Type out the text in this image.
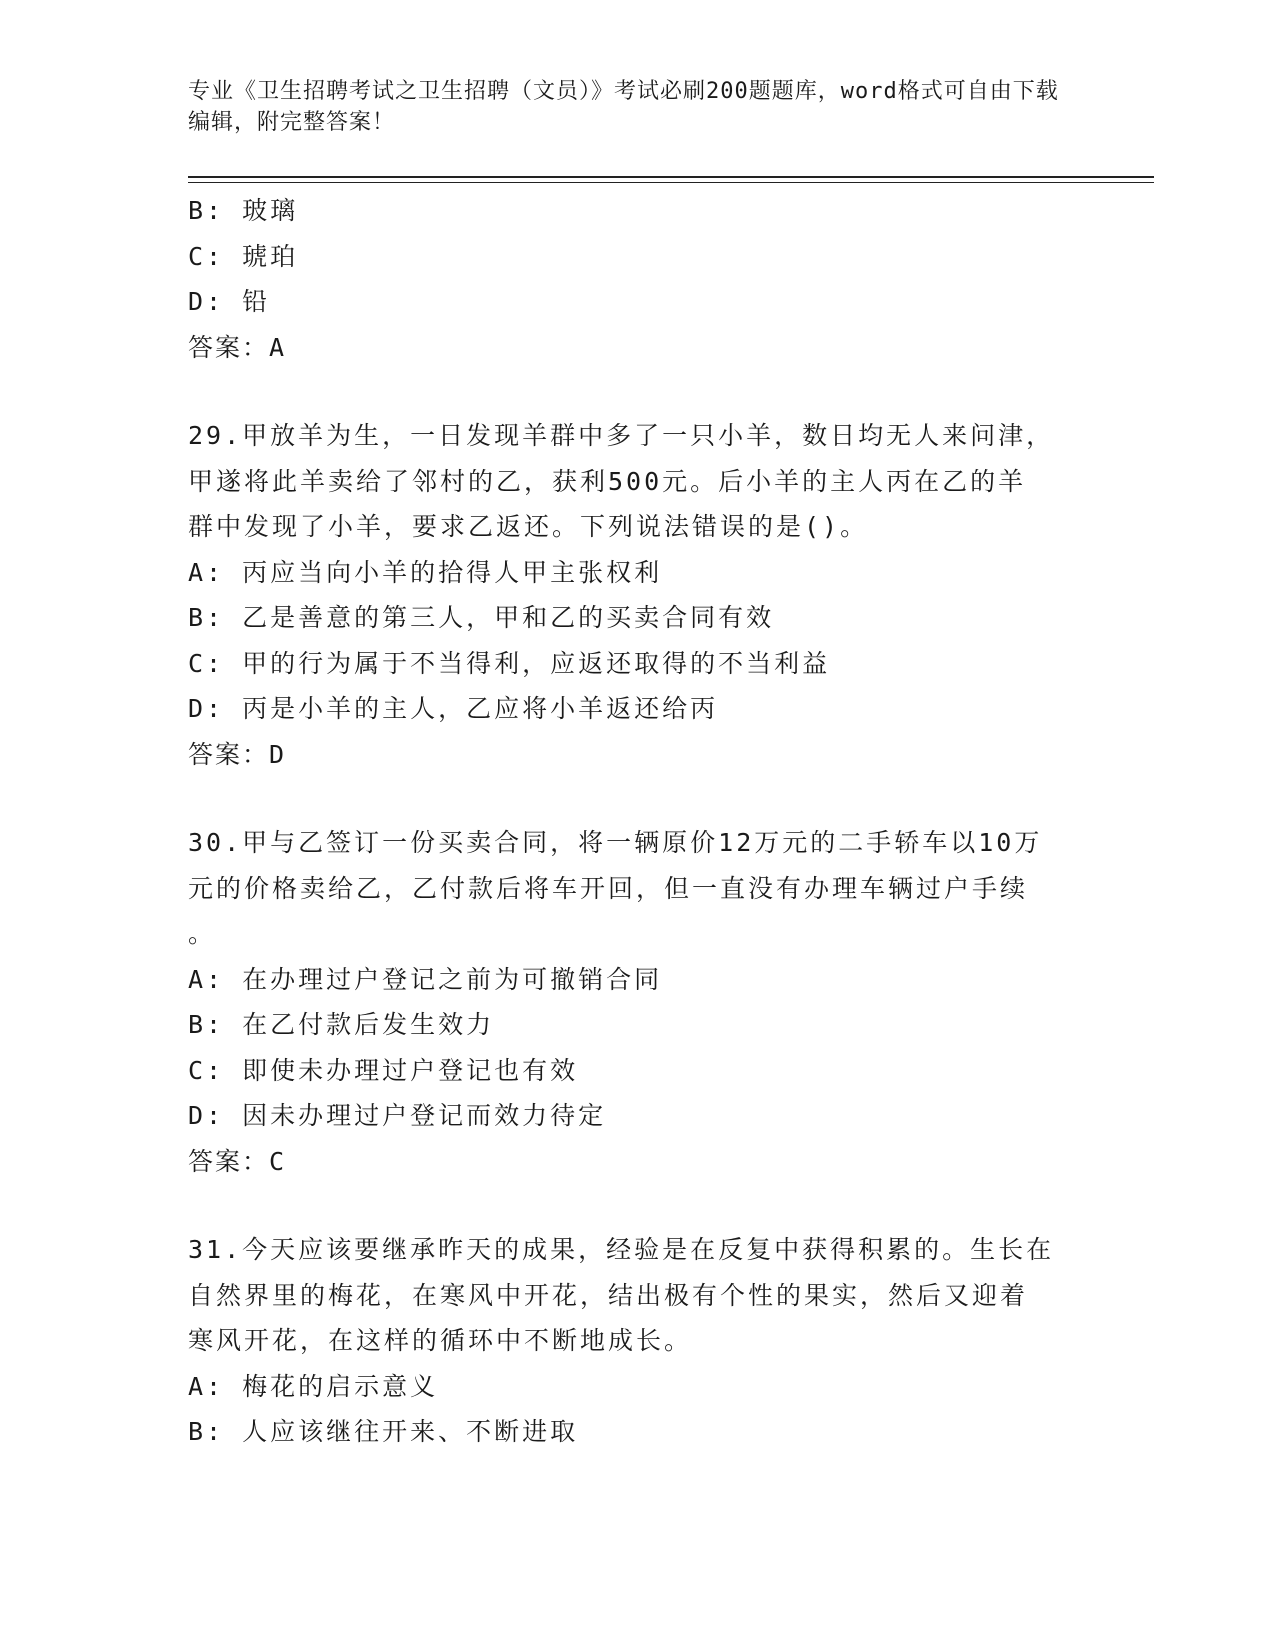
专业《卫生招聘考试之卫生招聘（文员）》考试必刷200题题库，word格式可自由下载编辑，附完整答案！

B: 玻璃

C: 琥珀

D: 铅

答案：A

29.甲放羊为生，一日发现羊群中多了一只小羊，数日均无人来问津，

甲遂将此羊卖给了邻村的乙，获利500元。后小羊的主人丙在乙的羊

群中发现了小羊，要求乙返还。下列说法错误的是()。

A: 丙应当向小羊的拾得人甲主张权利

B: 乙是善意的第三人，甲和乙的买卖合同有效

C: 甲的行为属于不当得利，应返还取得的不当利益

D: 丙是小羊的主人，乙应将小羊返还给丙

答案：D

30.甲与乙签订一份买卖合同，将一辆原价12万元的二手轿车以10万

元的价格卖给乙，乙付款后将车开回，但一直没有办理车辆过户手续

。

A: 在办理过户登记之前为可撤销合同

B: 在乙付款后发生效力

C: 即使未办理过户登记也有效

D: 因未办理过户登记而效力待定

答案：C

31.今天应该要继承昨天的成果，经验是在反复中获得积累的。生长在

自然界里的梅花，在寒风中开花，结出极有个性的果实，然后又迎着

寒风开花，在这样的循环中不断地成长。

A: 梅花的启示意义

B: 人应该继往开来、不断进取
